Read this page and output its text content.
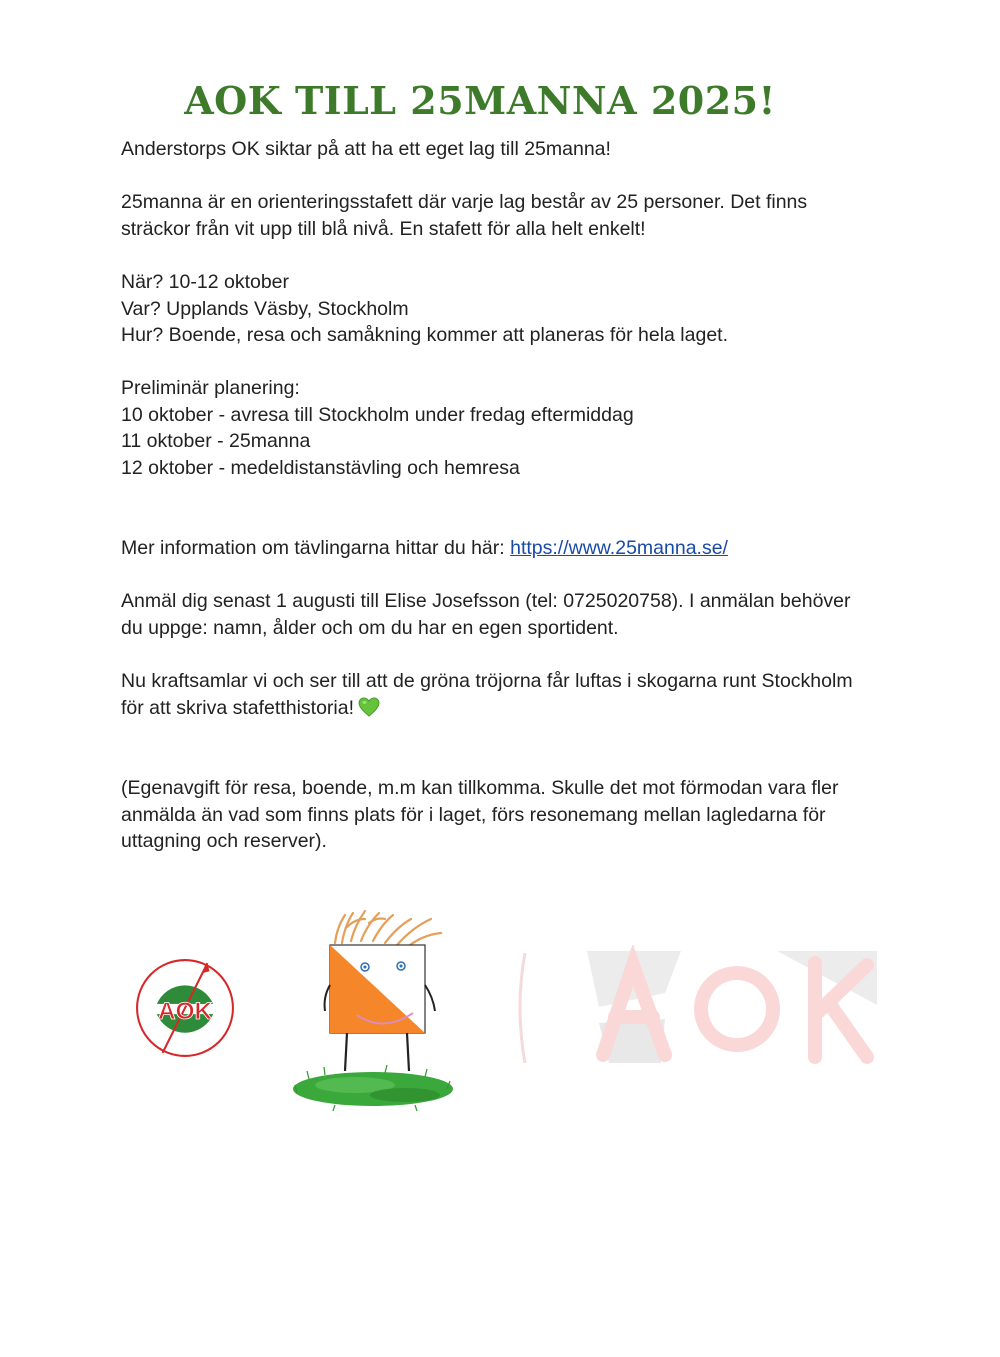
AOK TILL 25MANNA 2025!
Anderstorps OK siktar på att ha ett eget lag till 25manna!
25manna är en orienteringsstafett där varje lag består av 25 personer. Det finns
sträckor från vit upp till blå nivå. En stafett för alla helt enkelt!
När? 10-12 oktober
Var? Upplands Väsby, Stockholm
Hur? Boende, resa och samåkning kommer att planeras för hela laget.
Preliminär planering:
10 oktober - avresa till Stockholm under fredag eftermiddag
11 oktober - 25manna
12 oktober - medeldistanstävling och hemresa
Mer information om tävlingarna hittar du här: https://www.25manna.se/
Anmäl dig senast 1 augusti till Elise Josefsson (tel: 0725020758). I anmälan behöver
du uppge: namn, ålder och om du har en egen sportident.
Nu kraftsamlar vi och ser till att de gröna tröjorna får luftas i skogarna runt Stockholm
för att skriva stafetthistoria!
(Egenavgift för resa, boende, m.m kan tillkomma. Skulle det mot förmodan vara fler
anmälda än vad som finns plats för i laget, förs resonemang mellan lagledarna för
uttagning och reserver).
AOK
